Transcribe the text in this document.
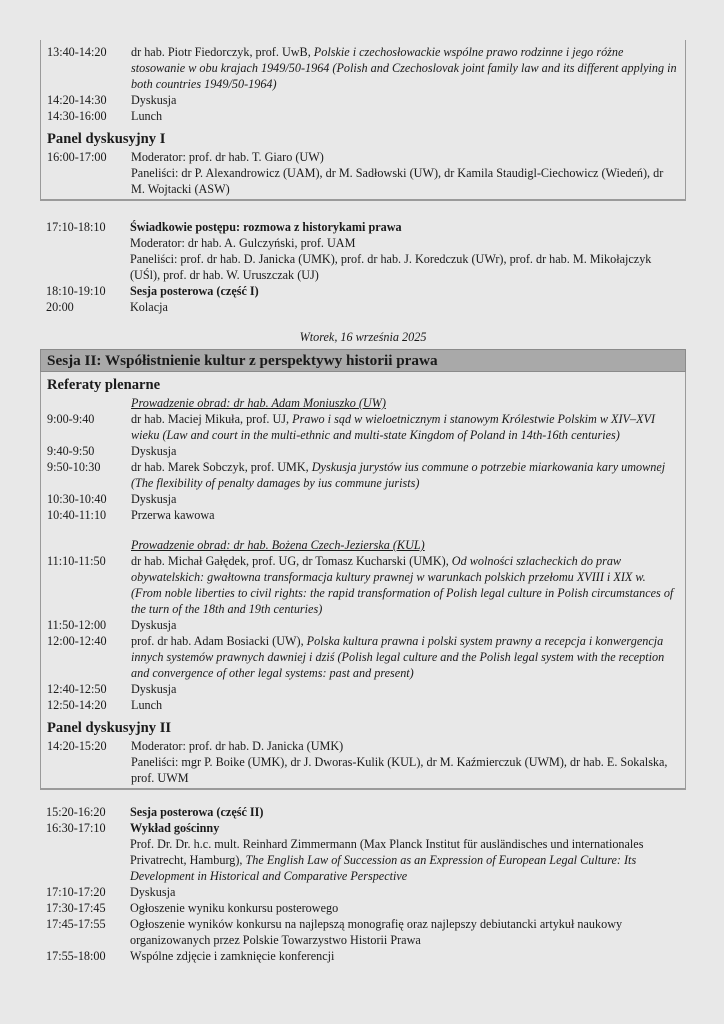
13:40-14:20	dr hab. Piotr Fiedorczyk, prof. UwB, Polskie i czechosłowackie wspólne prawo rodzinne i jego różne stosowanie w obu krajach 1949/50-1964 (Polish and Czechoslovak joint family law and its different applying in both countries 1949/50-1964)
14:20-14:30	Dyskusja
14:30-16:00	Lunch
Panel dyskusyjny I
16:00-17:00	Moderator: prof. dr hab. T. Giaro (UW)
Paneliści: dr P. Alexandrowicz (UAM), dr M. Sadłowski (UW), dr Kamila Staudigl-Ciechowicz (Wiedeń), dr M. Wojtacki (ASW)
17:10-18:10	Świadkowie postępu: rozmowa z historykami prawa
Moderator: dr hab. A. Gulczyński, prof. UAM
Paneliści: prof. dr hab. D. Janicka (UMK), prof. dr hab. J. Koredczuk (UWr), prof. dr hab. M. Mikołajczyk (UŚl), prof. dr hab. W. Uruszczak (UJ)
18:10-19:10	Sesja posterowa (część I)
20:00	Kolacja
Wtorek, 16 września 2025
Sesja II: Współistnienie kultur z perspektywy historii prawa
Referaty plenarne
Prowadzenie obrad: dr hab. Adam Moniuszko (UW)
9:00-9:40	dr hab. Maciej Mikuła, prof. UJ, Prawo i sąd w wieloetnicznym i stanowym Królestwie Polskim w XIV–XVI wieku (Law and court in the multi-ethnic and multi-state Kingdom of Poland in 14th-16th centuries)
9:40-9:50	Dyskusja
9:50-10:30	dr hab. Marek Sobczyk, prof. UMK, Dyskusja jurystów ius commune o potrzebie miarkowania kary umownej (The flexibility of penalty damages by ius commune jurists)
10:30-10:40	Dyskusja
10:40-11:10	Przerwa kawowa
Prowadzenie obrad: dr hab. Bożena Czech-Jezierska (KUL)
11:10-11:50	dr hab. Michał Gałędek, prof. UG, dr Tomasz Kucharski (UMK), Od wolności szlacheckich do praw obywatelskich: gwałtowna transformacja kultury prawnej w warunkach polskich przełomu XVIII i XIX w. (From noble liberties to civil rights: the rapid transformation of Polish legal culture in Polish circumstances of the turn of the 18th and 19th centuries)
11:50-12:00	Dyskusja
12:00-12:40	prof. dr hab. Adam Bosiacki (UW), Polska kultura prawna i polski system prawny a recepcja i konwergencja innych systemów prawnych dawniej i dziś (Polish legal culture and the Polish legal system with the reception and convergence of other legal systems: past and present)
12:40-12:50	Dyskusja
12:50-14:20	Lunch
Panel dyskusyjny II
14:20-15:20	Moderator: prof. dr hab. D. Janicka (UMK)
Paneliści: mgr P. Boike (UMK), dr J. Dworas-Kulik (KUL), dr M. Kaźmierczuk (UWM), dr hab. E. Sokalska, prof. UWM
15:20-16:20	Sesja posterowa (część II)
16:30-17:10	Wykład gościnny
Prof. Dr. Dr. h.c. mult. Reinhard Zimmermann (Max Planck Institut für ausländisches und internationales Privatrecht, Hamburg), The English Law of Succession as an Expression of European Legal Culture: Its Development in Historical and Comparative Perspective
17:10-17:20	Dyskusja
17:30-17:45	Ogłoszenie wyniku konkursu posterowego
17:45-17:55	Ogłoszenie wyników konkursu na najlepszą monografię oraz najlepszy debiutancki artykuł naukowy organizowanych przez Polskie Towarzystwo Historii Prawa
17:55-18:00	Wspólne zdjęcie i zamknięcie konferencji
